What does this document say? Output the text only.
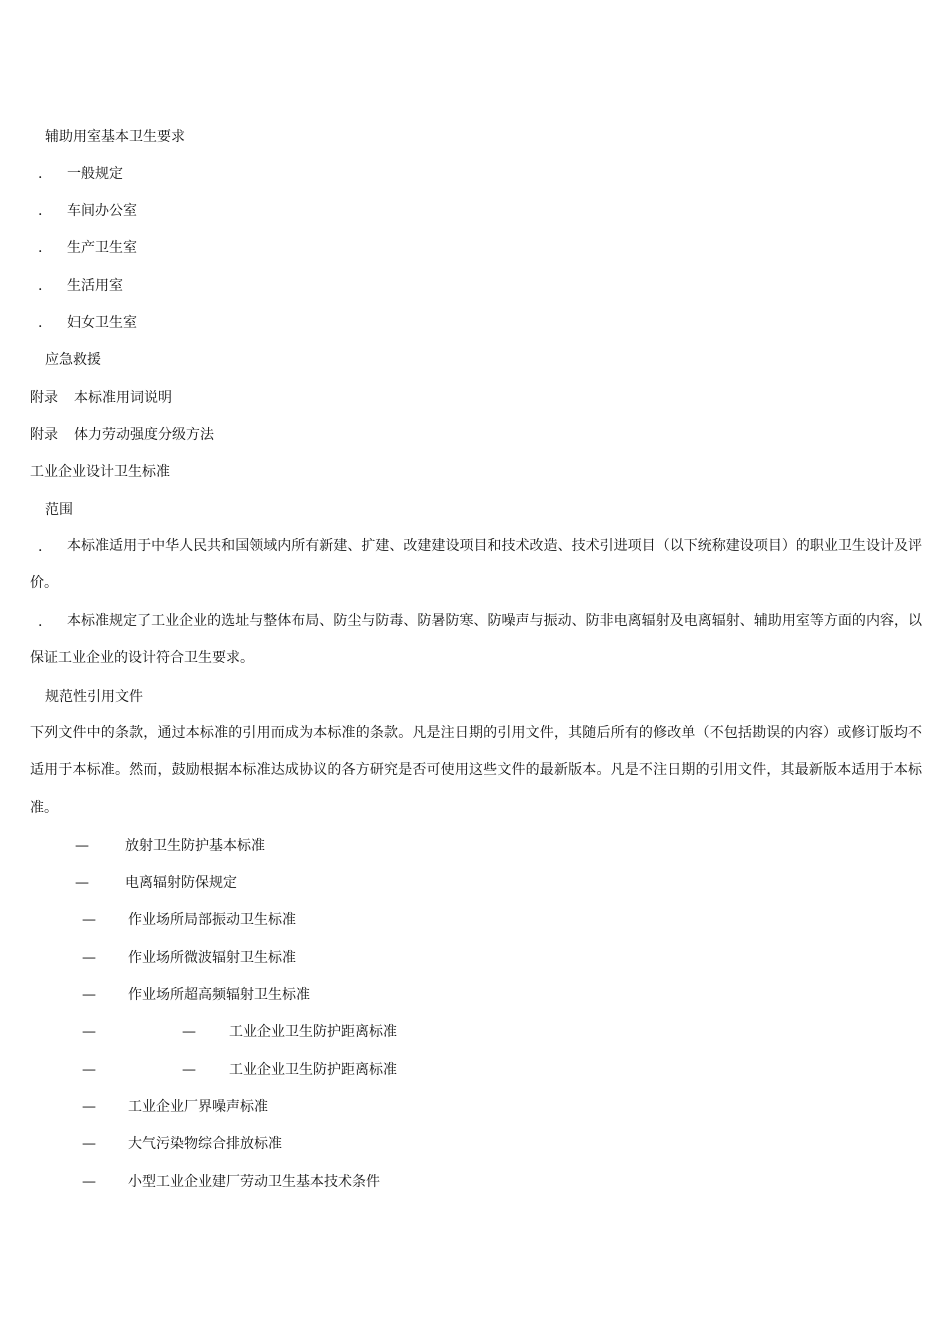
辅助用室基本卫生要求
. 一般规定
. 车间办公室
. 生产卫生室
. 生活用室
. 妇女卫生室
应急救援
附录 本标准用词说明
附录 体力劳动强度分级方法
工业企业设计卫生标准
范围
.	本标准适用于中华人民共和国领域内所有新建、扩建、改建建设项目和技术改造、技术引进项目（以下统称建设项目）的职业卫生设计及评价。
.	本标准规定了工业企业的选址与整体布局、防尘与防毒、防暑防寒、防噪声与振动、防非电离辐射及电离辐射、辅助用室等方面的内容，以保证工业企业的设计符合卫生要求。
规范性引用文件
下列文件中的条款，通过本标准的引用而成为本标准的条款。凡是注日期的引用文件，其随后所有的修改单（不包括勘误的内容）或修订版均不适用于本标准。然而，鼓励根据本标准达成协议的各方研究是否可使用这些文件的最新版本。凡是不注日期的引用文件，其最新版本适用于本标准。
—	放射卫生防护基本标准
—	电离辐射防保规定
— 作业场所局部振动卫生标准
— 作业场所微波辐射卫生标准
— 作业场所超高频辐射卫生标准
—	— 工业企业卫生防护距离标准
—	— 工业企业卫生防护距离标准
— 工业企业厂界噪声标准
— 大气污染物综合排放标准
— 小型工业企业建厂劳动卫生基本技术条件
